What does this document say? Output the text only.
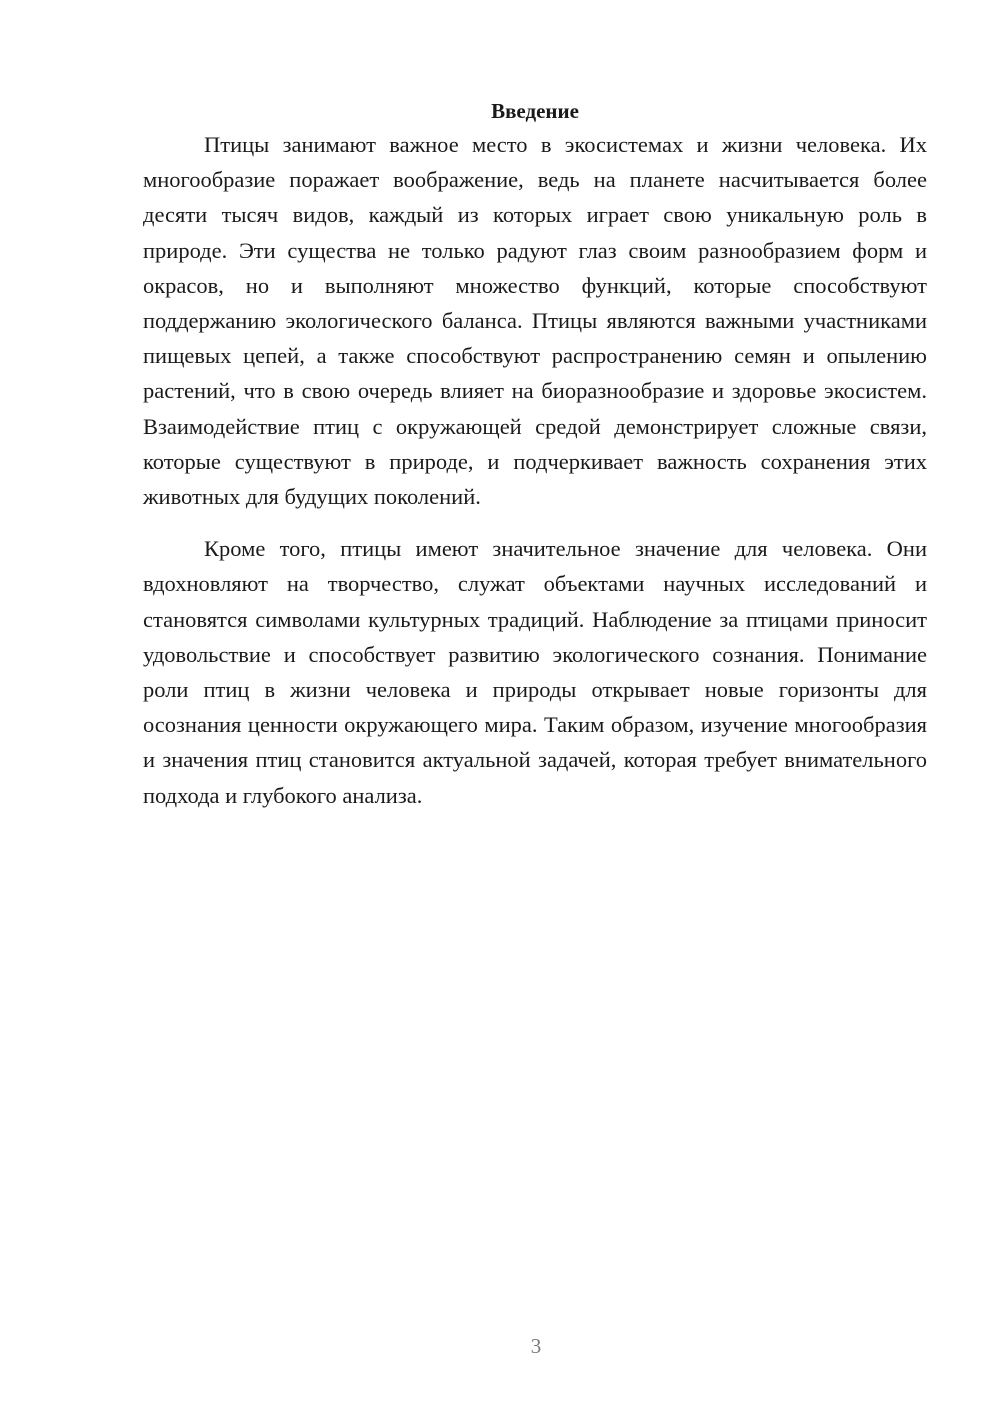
Введение

Птицы занимают важное место в экосистемах и жизни человека. Их многообразие поражает воображение, ведь на планете насчитывается более десяти тысяч видов, каждый из которых играет свою уникальную роль в природе. Эти существа не только радуют глаз своим разнообразием форм и окрасов, но и выполняют множество функций, которые способствуют поддержанию экологического баланса. Птицы являются важными участниками пищевых цепей, а также способствуют распространению семян и опылению растений, что в свою очередь влияет на биоразнообразие и здоровье экосистем. Взаимодействие птиц с окружающей средой демонстрирует сложные связи, которые существуют в природе, и подчеркивает важность сохранения этих животных для будущих поколений.

Кроме того, птицы имеют значительное значение для человека. Они вдохновляют на творчество, служат объектами научных исследований и становятся символами культурных традиций. Наблюдение за птицами приносит удовольствие и способствует развитию экологического сознания. Понимание роли птиц в жизни человека и природы открывает новые горизонты для осознания ценности окружающего мира. Таким образом, изучение многообразия и значения птиц становится актуальной задачей, которая требует внимательного подхода и глубокого анализа.

3
